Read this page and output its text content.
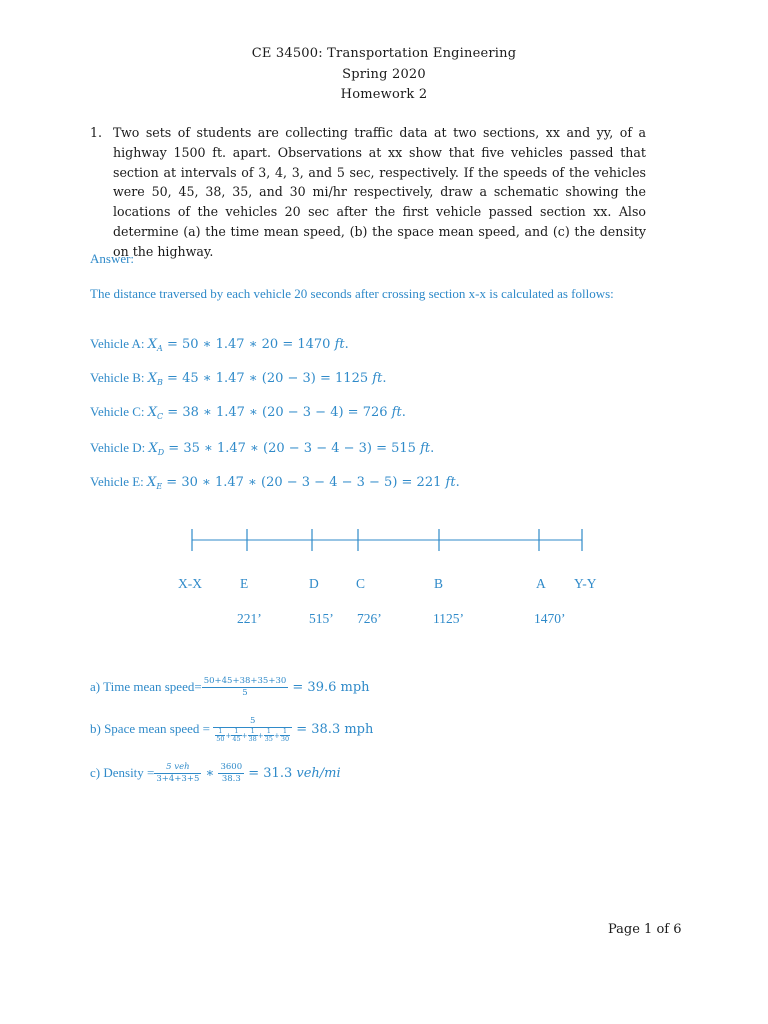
CE 34500: Transportation Engineering
Spring 2020
Homework 2
1. Two sets of students are collecting traffic data at two sections, xx and yy, of a highway 1500 ft. apart. Observations at xx show that five vehicles passed that section at intervals of 3, 4, 3, and 5 sec, respectively. If the speeds of the vehicles were 50, 45, 38, 35, and 30 mi/hr respectively, draw a schematic showing the locations of the vehicles 20 sec after the first vehicle passed section xx. Also determine (a) the time mean speed, (b) the space mean speed, and (c) the density on the highway.
Answer:
The distance traversed by each vehicle 20 seconds after crossing section x-x is calculated as follows:
Vehicle A: $X_A = 50$ ∗ 1.47 ∗ 20 = 1470 ft.
Vehicle B: $X_B = 45$ ∗ 1.47 ∗ (20 − 3) = 1125 ft.
Vehicle C: $X_C = 38$ ∗ 1.47 ∗ (20 − 3 − 4) = 726 ft.
Vehicle D: $X_D = 35$ ∗ 1.47 ∗ (20 − 3 − 4 − 3) = 515 ft.
Vehicle E: $X_E = 30$ ∗ 1.47 ∗ (20 − 3 − 4 − 3 − 5) = 221 ft.
X-X	E	D	C	B	A Y-Y
221’	515’ 726’	1125’	1470’
a) Time mean speed= $\frac{50+45+38+35+30}{5} = 39.6$ mph
b) Space mean speed = $\frac{5}{\frac{1}{50} + \frac{1}{45} + \frac{1}{38} + \frac{1}{35} + \frac{1}{30}} = 38.3$ mph
c) Density = $\frac{\text{5 veh}}{3+4+3+5}$ ∗ $\frac{3600}{38.3} = 31.3$ veh/mi
Page 1 of 6
